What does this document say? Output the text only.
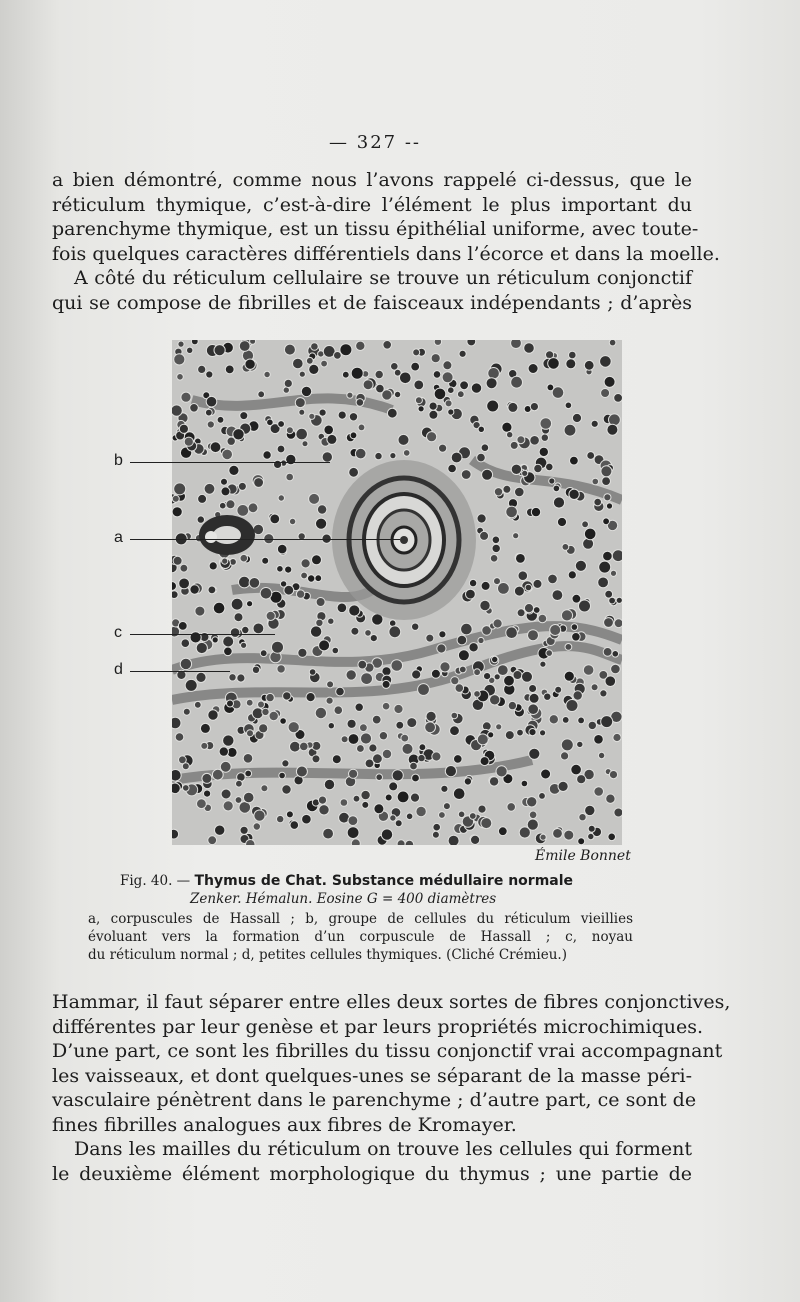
— 327 --
a bien démontré, comme nous l’avons rappelé ci-dessus, que le
réticulum thymique, c’est-à-dire l’élément le plus important du
parenchyme thymique, est un tissu épithélial uniforme, avec toute-
fois quelques caractères différentiels dans l’écorce et dans la moelle.
A côté du réticulum cellulaire se trouve un réticulum conjonctif
qui se compose de fibrilles et de faisceaux indépendants ; d’après
b
a
c
d
Émile Bonnet
Fig. 40. — Thymus de Chat. Substance médullaire normale
Zenker. Hémalun. Eosine G = 400 diamètres
a, corpuscules de Hassall ; b, groupe de cellules du réticulum vieillies
évoluant vers la formation d’un corpuscule de Hassall ; c, noyau
du réticulum normal ; d, petites cellules thymiques. (Cliché Crémieu.)
Hammar, il faut séparer entre elles deux sortes de fibres conjonctives,
différentes par leur genèse et par leurs propriétés microchimiques.
D’une part, ce sont les fibrilles du tissu conjonctif vrai accompagnant
les vaisseaux, et dont quelques-unes se séparant de la masse péri-
vasculaire pénètrent dans le parenchyme ; d’autre part, ce sont de
fines fibrilles analogues aux fibres de Kromayer.
Dans les mailles du réticulum on trouve les cellules qui forment
le deuxième élément morphologique du thymus ; une partie de
